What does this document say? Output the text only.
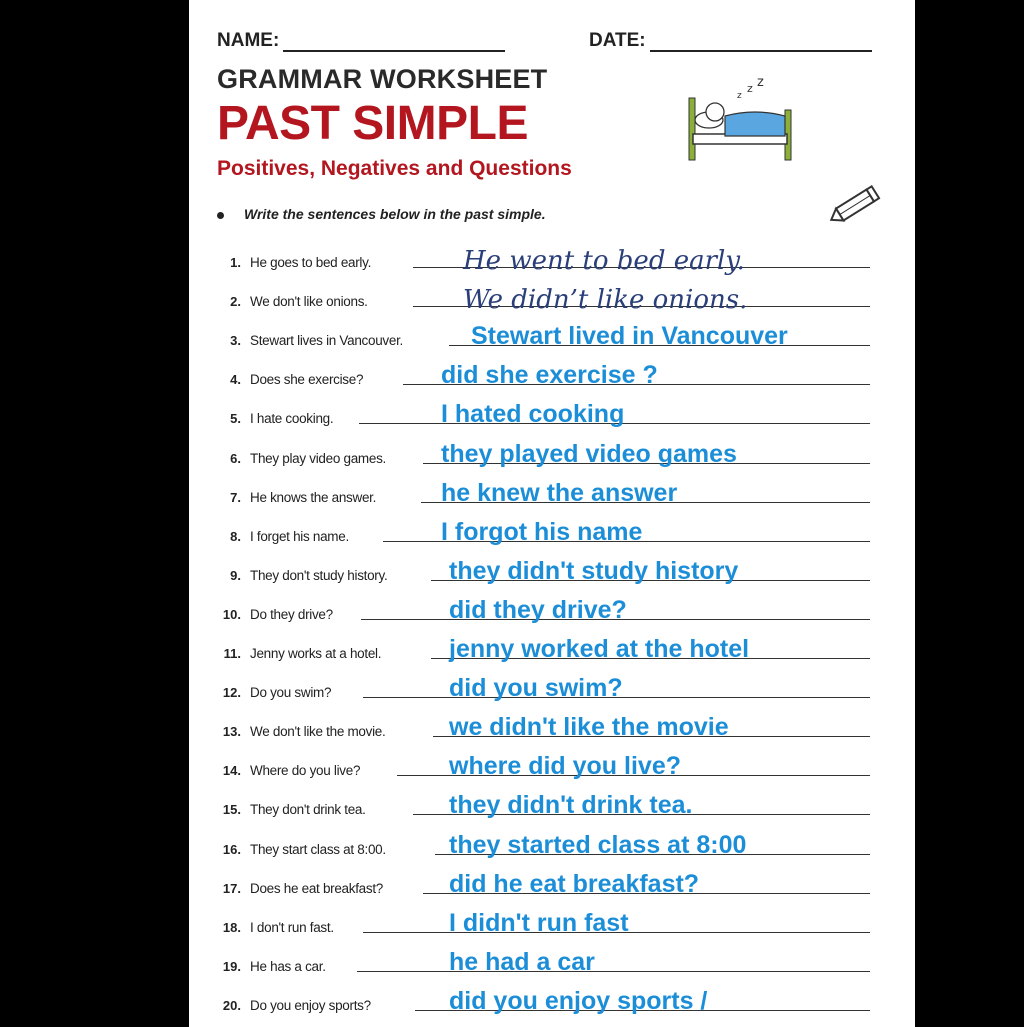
NAME:	DATE:
GRAMMAR WORKSHEET
PAST SIMPLE
Positives, Negatives and Questions
z
z z
Write the sentences below in the past simple.
1. He goes to bed early.	He went to bed early.
2. We don't like onions.	We didn’t like onions.
3. Stewart lives in Vancouver.	Stewart lived in Vancouver
4. Does she exercise?	did she exercise ?
5. I hate cooking.	I hated cooking
6. They play video games. they played video games
7. He knows the answer.	he knew the answer
8. I forget his name.	I forgot his name
9. They don't study history. they didn't study history
10. Do they drive?	did they drive?
11. Jenny works at a hotel.	jenny worked at the hotel
12. Do you swim?	did you swim?
13. We don't like the movie.	we didn't like the movie
14. Where do you live?	where did you live?
15. They don't drink tea.	they didn't drink tea.
16. They start class at 8:00.	they started class at 8:00
17. Does he eat breakfast?	did he eat breakfast?
18. I don't run fast.	I didn't run fast
19. He has a car.	he had a car
20. Do you enjoy sports?	did you enjoy sports /
